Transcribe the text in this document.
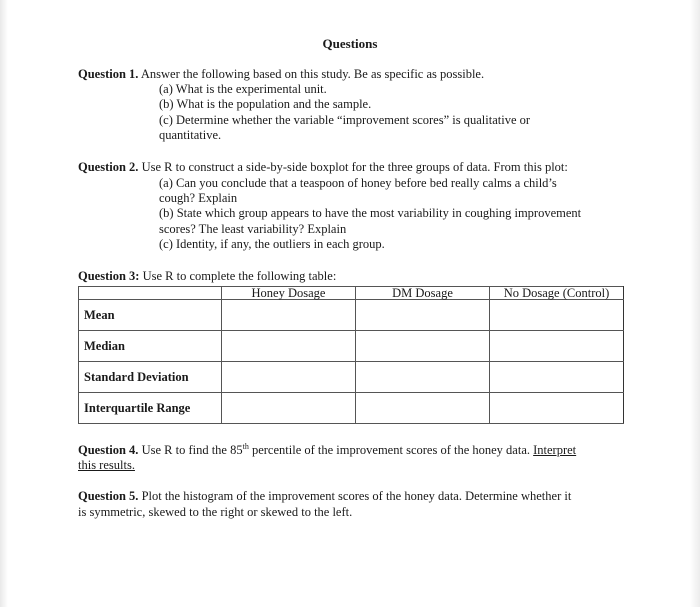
Questions
Question 1. Answer the following based on this study. Be as specific as possible.
(a) What is the experimental unit.
(b) What is the population and the sample.
(c) Determine whether the variable “improvement scores” is qualitative or
quantitative.
Question 2. Use R to construct a side-by-side boxplot for the three groups of data. From this plot:
(a) Can you conclude that a teaspoon of honey before bed really calms a child’s
cough? Explain
(b) State which group appears to have the most variability in coughing improvement
scores? The least variability? Explain
(c) Identity, if any, the outliers in each group.
Question 3: Use R to complete the following table:
	Honey Dosage	DM Dosage	No Dosage (Control)
Mean			
Median			
Standard Deviation			
Interquartile Range			
Question 4. Use R to find the 85th percentile of the improvement scores of the honey data. Interpret
this results.
Question 5. Plot the histogram of the improvement scores of the honey data. Determine whether it
is symmetric, skewed to the right or skewed to the left.
